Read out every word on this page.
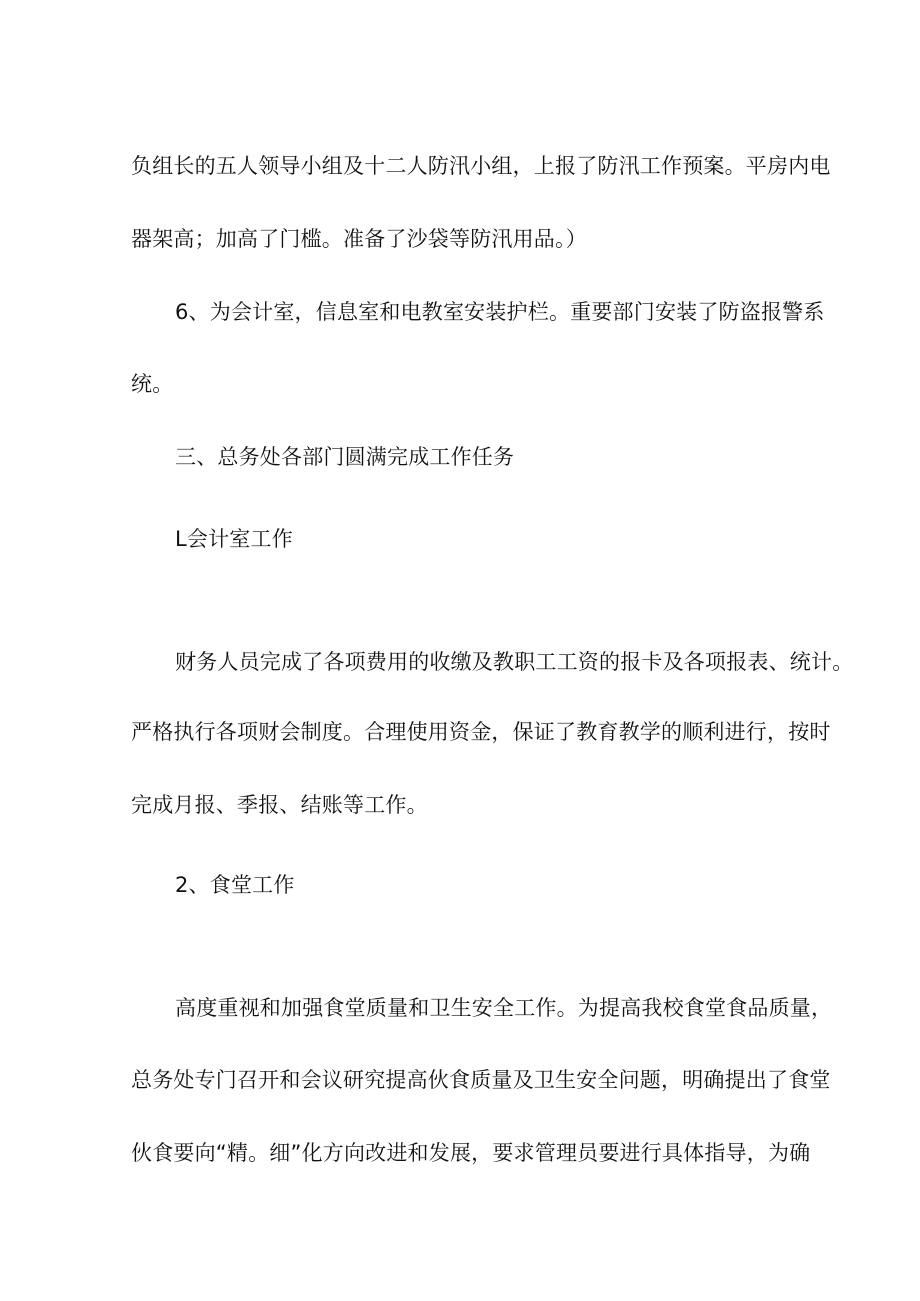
负组长的五人领导小组及十二人防汛小组，上报了防汛工作预案。平房内电
器架高；加高了门槛。准备了沙袋等防汛用品。）
6、为会计室，信息室和电教室安装护栏。重要部门安装了防盗报警系
统。
三、总务处各部门圆满完成工作任务
L会计室工作
财务人员完成了各项费用的收缴及教职工工资的报卡及各项报表、统计。
严格执行各项财会制度。合理使用资金，保证了教育教学的顺利进行，按时
完成月报、季报、结账等工作。
2、食堂工作
高度重视和加强食堂质量和卫生安全工作。为提高我校食堂食品质量，
总务处专门召开和会议研究提高伙食质量及卫生安全问题，明确提出了食堂
伙食要向“精。细”化方向改进和发展，要求管理员要进行具体指导，为确
